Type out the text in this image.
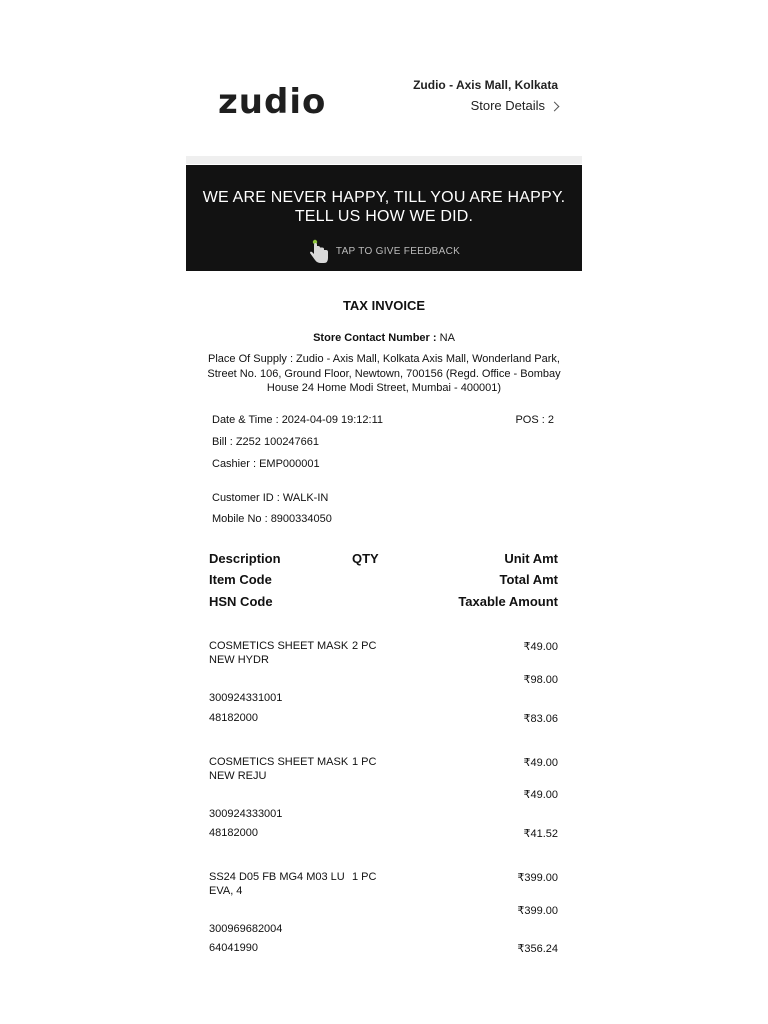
zudio	Zudio - Axis Mall, Kolkata
Store Details
WE ARE NEVER HAPPY, TILL YOU ARE HAPPY.
TELL US HOW WE DID.
TAP TO GIVE FEEDBACK
TAX INVOICE
Store Contact Number : NA
Place Of Supply : Zudio - Axis Mall, Kolkata Axis Mall, Wonderland Park, Street No. 106, Ground Floor, Newtown, 700156 (Regd. Office - Bombay House 24 Home Modi Street, Mumbai - 400001)
Date & Time : 2024-04-09 19:12:11	POS : 2
Bill : Z252 100247661
Cashier : EMP000001
Customer ID : WALK-IN
Mobile No : 8900334050
Description	QTY	Unit Amt
Item Code	Total Amt
HSN Code	Taxable Amount
COSMETICS SHEET MASK
NEW HYDR
2 PC	₹49.00
₹98.00
300924331001
48182000	₹83.06
COSMETICS SHEET MASK
NEW REJU
1 PC	₹49.00
₹49.00
300924333001
48182000	₹41.52
SS24 D05 FB MG4 M03 LU
EVA, 4
1 PC	₹399.00
₹399.00
300969682004
64041990	₹356.24
